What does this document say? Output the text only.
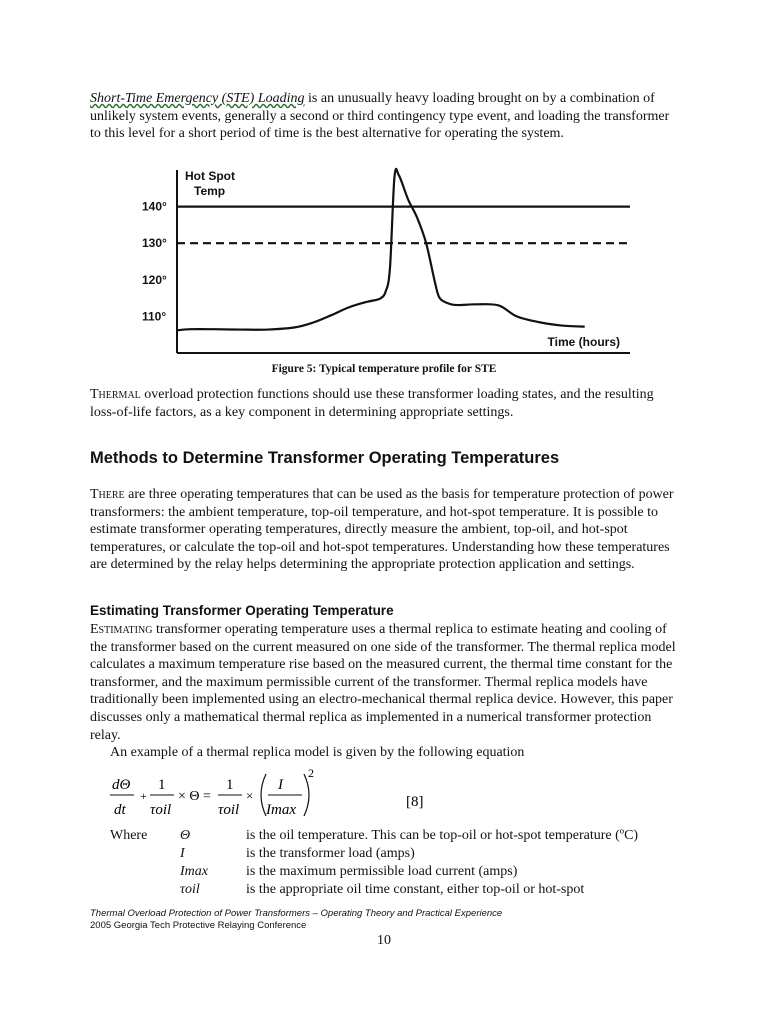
Short-Time Emergency (STE) Loading is an unusually heavy loading brought on by a combination of unlikely system events, generally a second or third contingency type event, and loading the transformer to this level for a short period of time is the best alternative for operating the system.

140°
130°
120°
110°
Hot Spot
Temp
Time (hours)
Figure 5: Typical temperature profile for STE

Thermal overload protection functions should use these transformer loading states, and the resulting loss-of-life factors, as a key component in determining appropriate settings.

Methods to Determine Transformer Operating Temperatures

There are three operating temperatures that can be used as the basis for temperature protection of power transformers: the ambient temperature, top-oil temperature, and hot-spot temperature. It is possible to estimate transformer operating temperatures, directly measure the ambient, top-oil, and hot-spot temperatures, or calculate the top-oil and hot-spot temperatures. Understanding how these temperatures are determined by the relay helps determining the appropriate protection application and settings.

Estimating Transformer Operating Temperature

Estimating transformer operating temperature uses a thermal replica to estimate heating and cooling of the transformer based on the current measured on one side of the transformer. The thermal replica model calculates a maximum temperature rise based on the measured current, the thermal time constant for the transformer, and the maximum permissible current of the transformer. Thermal replica models have traditionally been implemented using an electro-mechanical thermal replica device. However, this paper discusses only a mathematical thermal replica as implemented in a numerical transformer protection relay.
An example of a thermal replica model is given by the following equation

dΘ
dt
+
1
τoil
× Θ =
1
τoil
×
I
Imax
2
[8]
Where Θ	is the oil temperature. This can be top-oil or hot-spot temperature (ºC)
I	is the transformer load (amps)
Imax	is the maximum permissible load current (amps)
τoil	is the appropriate oil time constant, either top-oil or hot-spot
Thermal Overload Protection of Power Transformers – Operating Theory and Practical Experience
2005 Georgia Tech Protective Relaying Conference
10
